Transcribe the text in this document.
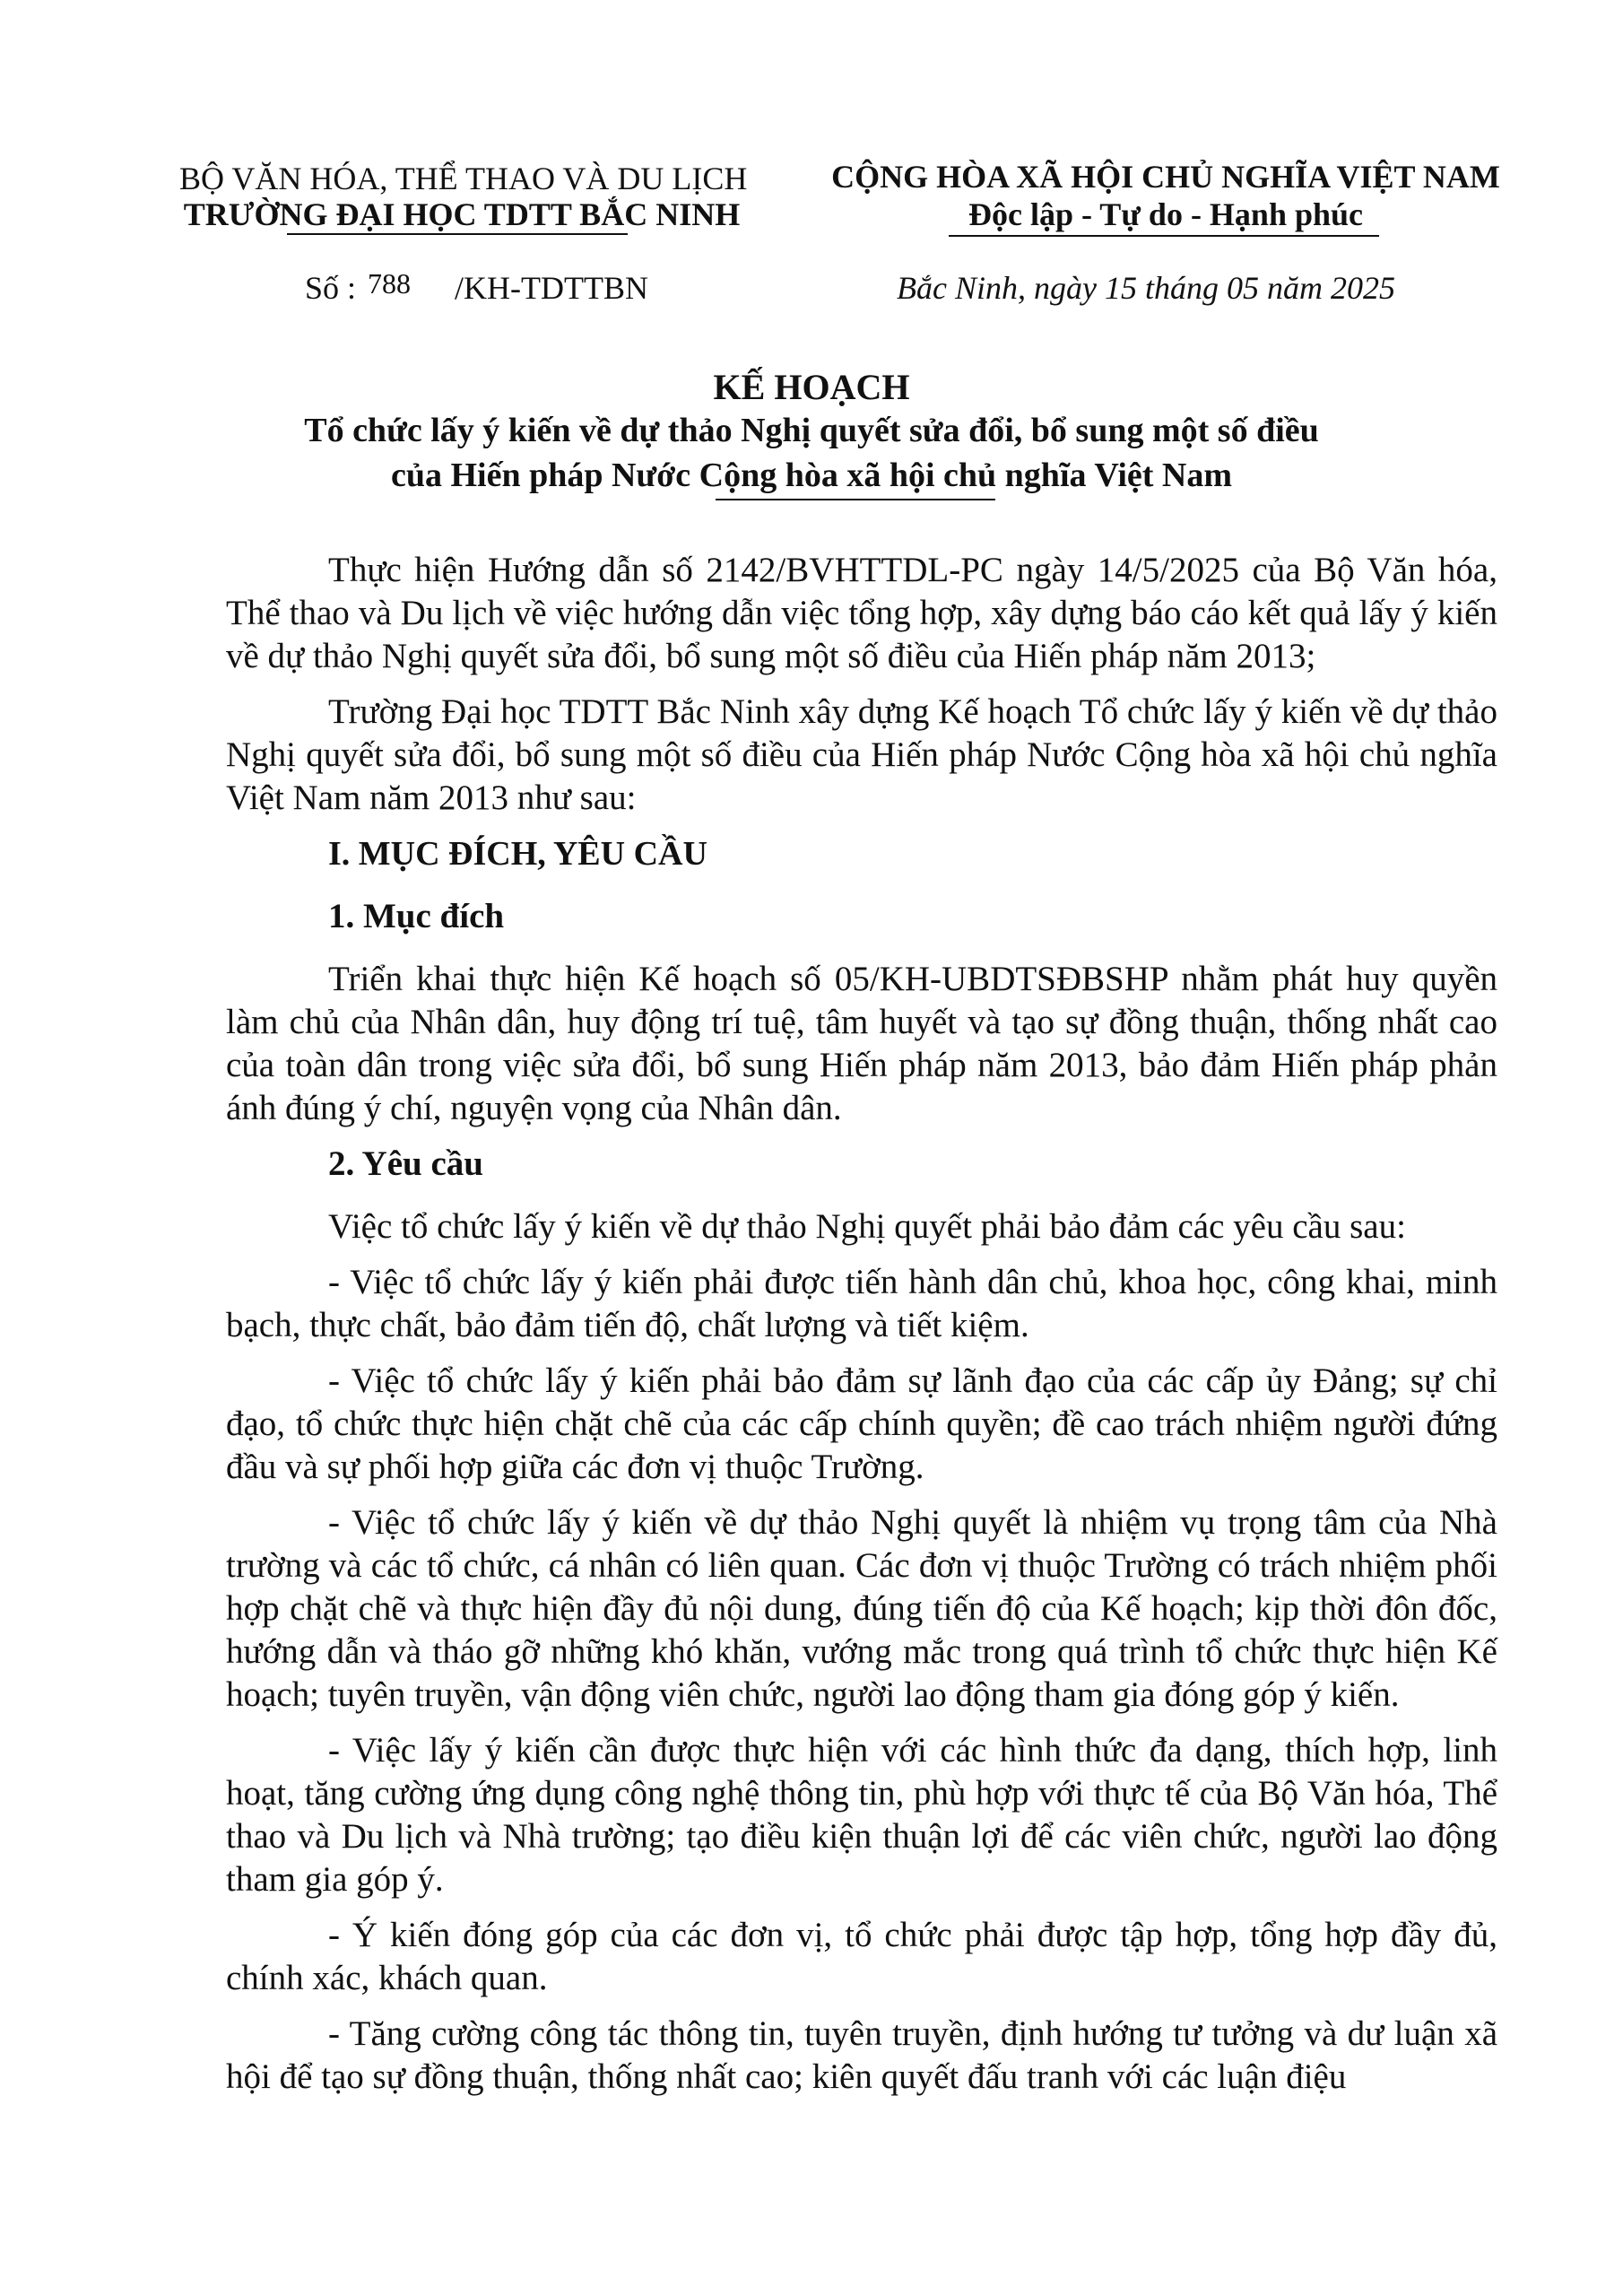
BỘ VĂN HÓA, THỂ THAO VÀ DU LỊCH
TRƯỜNG ĐẠI HỌC TDTT BẮC NINH
CỘNG HÒA XÃ HỘI CHỦ NGHĨA VIỆT NAM
Độc lập - Tự do - Hạnh phúc
Số : 788 /KH-TDTTBN	Bắc Ninh, ngày 15 tháng 05 năm 2025
KẾ HOẠCH
Tổ chức lấy ý kiến về dự thảo Nghị quyết sửa đổi, bổ sung một số điều
của Hiến pháp Nước Cộng hòa xã hội chủ nghĩa Việt Nam

Thực hiện Hướng dẫn số 2142/BVHTTDL-PC ngày 14/5/2025 của Bộ Văn hóa, Thể thao và Du lịch về việc hướng dẫn việc tổng hợp, xây dựng báo cáo kết quả lấy ý kiến về dự thảo Nghị quyết sửa đổi, bổ sung một số điều của Hiến pháp năm 2013;

Trường Đại học TDTT Bắc Ninh xây dựng Kế hoạch Tổ chức lấy ý kiến về dự thảo Nghị quyết sửa đổi, bổ sung một số điều của Hiến pháp Nước Cộng hòa xã hội chủ nghĩa Việt Nam năm 2013 như sau:

I. MỤC ĐÍCH, YÊU CẦU
1. Mục đích

Triển khai thực hiện Kế hoạch số 05/KH-UBDTSĐBSHP nhằm phát huy quyền làm chủ của Nhân dân, huy động trí tuệ, tâm huyết và tạo sự đồng thuận, thống nhất cao của toàn dân trong việc sửa đổi, bổ sung Hiến pháp năm 2013, bảo đảm Hiến pháp phản ánh đúng ý chí, nguyện vọng của Nhân dân.

2. Yêu cầu

Việc tổ chức lấy ý kiến về dự thảo Nghị quyết phải bảo đảm các yêu cầu sau:

- Việc tổ chức lấy ý kiến phải được tiến hành dân chủ, khoa học, công khai, minh bạch, thực chất, bảo đảm tiến độ, chất lượng và tiết kiệm.

- Việc tổ chức lấy ý kiến phải bảo đảm sự lãnh đạo của các cấp ủy Đảng; sự chỉ đạo, tổ chức thực hiện chặt chẽ của các cấp chính quyền; đề cao trách nhiệm người đứng đầu và sự phối hợp giữa các đơn vị thuộc Trường.

- Việc tổ chức lấy ý kiến về dự thảo Nghị quyết là nhiệm vụ trọng tâm của Nhà trường và các tổ chức, cá nhân có liên quan. Các đơn vị thuộc Trường có trách nhiệm phối hợp chặt chẽ và thực hiện đầy đủ nội dung, đúng tiến độ của Kế hoạch; kịp thời đôn đốc, hướng dẫn và tháo gỡ những khó khăn, vướng mắc trong quá trình tổ chức thực hiện Kế hoạch; tuyên truyền, vận động viên chức, người lao động tham gia đóng góp ý kiến.

- Việc lấy ý kiến cần được thực hiện với các hình thức đa dạng, thích hợp, linh hoạt, tăng cường ứng dụng công nghệ thông tin, phù hợp với thực tế của Bộ Văn hóa, Thể thao và Du lịch và Nhà trường; tạo điều kiện thuận lợi để các viên chức, người lao động tham gia góp ý.

- Ý kiến đóng góp của các đơn vị, tổ chức phải được tập hợp, tổng hợp đầy đủ, chính xác, khách quan.

- Tăng cường công tác thông tin, tuyên truyền, định hướng tư tưởng và dư luận xã hội để tạo sự đồng thuận, thống nhất cao; kiên quyết đấu tranh với các luận điệu
